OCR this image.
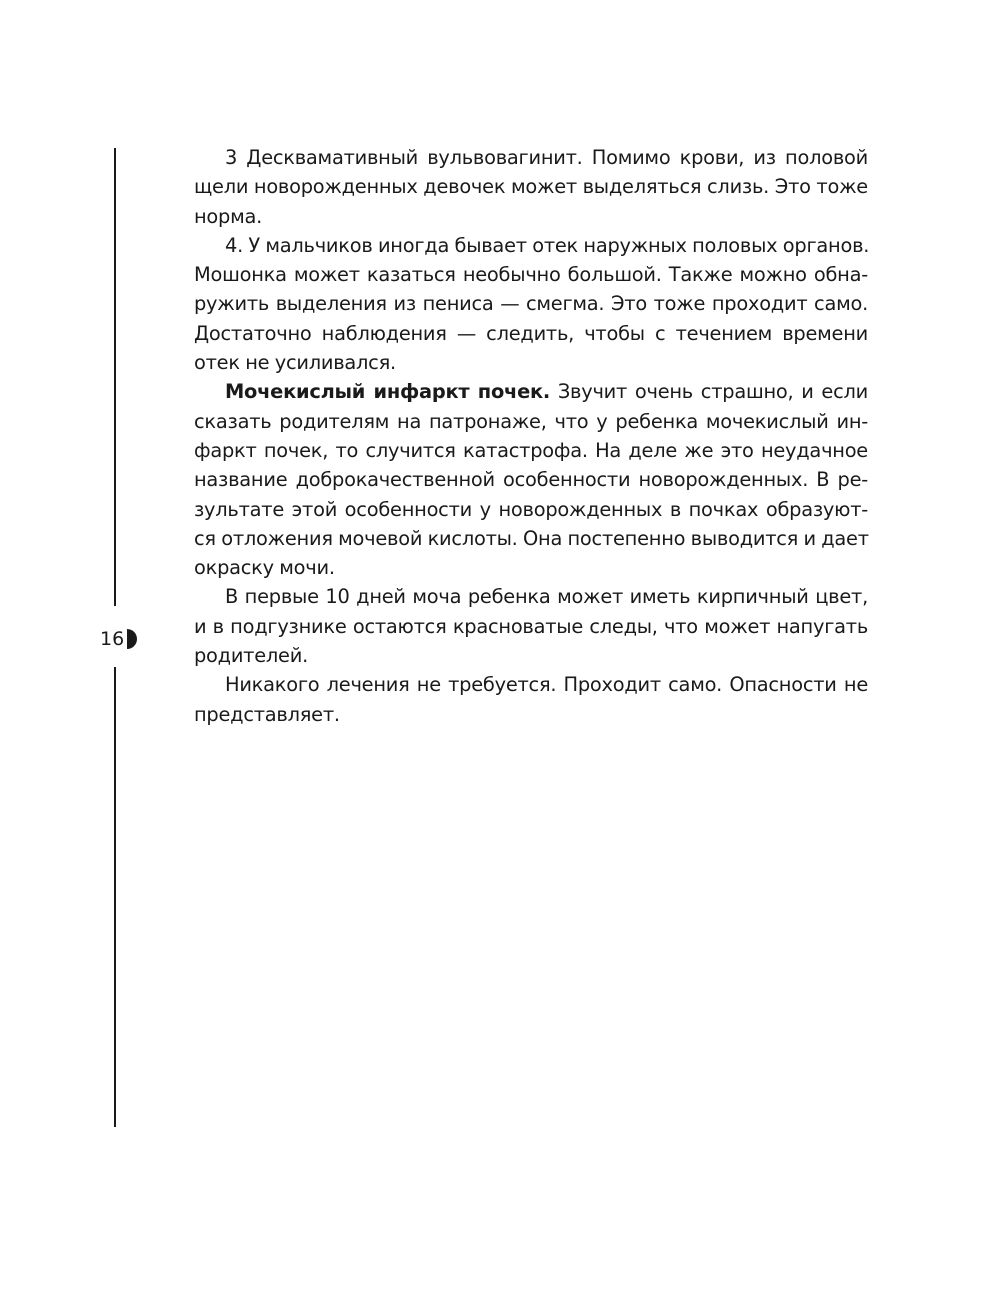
16
3 Десквамативный вульвовагинит. Помимо крови, из половой
щели новорожденных девочек может выделяться слизь. Это тоже
норма.
4. У мальчиков иногда бывает отек наружных половых органов.
Мошонка может казаться необычно большой. Также можно обна-
ружить выделения из пениса — смегма. Это тоже проходит само.
Достаточно наблюдения — следить, чтобы с течением времени
отек не усиливался.
Мочекислый инфаркт почек. Звучит очень страшно, и если
сказать родителям на патронаже, что у ребенка мочекислый ин-
фаркт почек, то случится катастрофа. На деле же это неудачное
название доброкачественной особенности новорожденных. В ре-
зультате этой особенности у новорожденных в почках образуют-
ся отложения мочевой кислоты. Она постепенно выводится и дает
окраску мочи.
В первые 10 дней моча ребенка может иметь кирпичный цвет,
и в подгузнике остаются красноватые следы, что может напугать
родителей.
Никакого лечения не требуется. Проходит само. Опасности не
представляет.
